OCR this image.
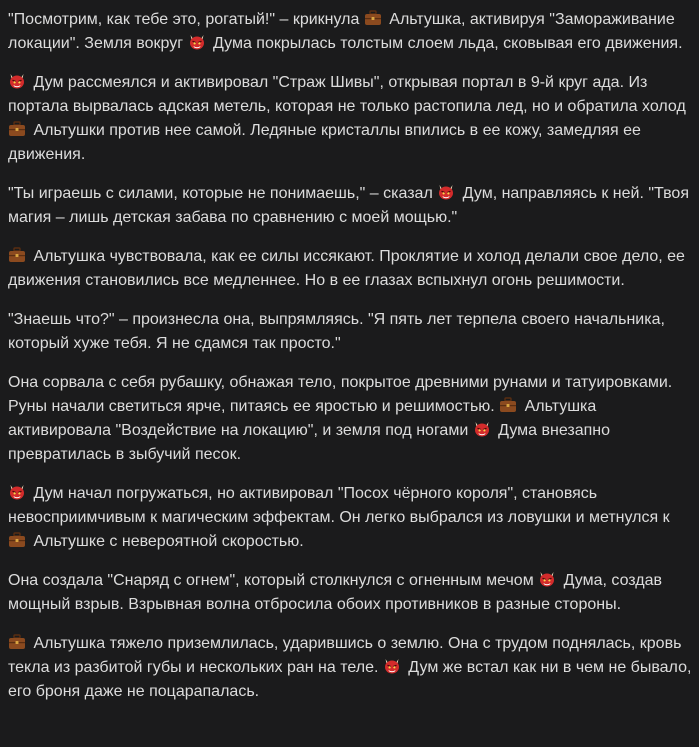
"Посмотрим, как тебе это, рогатый!" – крикнула
Альтушка, активируя "Замораживание локации". Земля вокруг
Дума покрылась толстым слоем льда, сковывая его движения.

Дум рассмеялся и активировал "Страж Шивы", открывая портал в 9-й круг ада. Из портала вырвалась адская метель, которая не только растопила лед, но и обратила холод
Альтушки против нее самой. Ледяные кристаллы впились в ее кожу, замедляя ее движения.

"Ты играешь с силами, которые не понимаешь," – сказал
Дум, направляясь к ней. "Твоя магия – лишь детская забава по сравнению с моей мощью."

Альтушка чувствовала, как ее силы иссякают. Проклятие и холод делали свое дело, ее движения становились все медленнее. Но в ее глазах вспыхнул огонь решимости.

"Знаешь что?" – произнесла она, выпрямляясь. "Я пять лет терпела своего начальника, который хуже тебя. Я не сдамся так просто."

Она сорвала с себя рубашку, обнажая тело, покрытое древними рунами и татуировками. Руны начали светиться ярче, питаясь ее яростью и решимостью.
Альтушка активировала "Воздействие на локацию", и земля под ногами
Дума внезапно превратилась в зыбучий песок.

Дум начал погружаться, но активировал "Посох чёрного короля", становясь невосприимчивым к магическим эффектам. Он легко выбрался из ловушки и метнулся к
Альтушке с невероятной скоростью.

Она создала "Снаряд с огнем", который столкнулся с огненным мечом
Дума, создав мощный взрыв. Взрывная волна отбросила обоих противников в разные стороны.

Альтушка тяжело приземлилась, ударившись о землю. Она с трудом поднялась, кровь текла из разбитой губы и нескольких ран на теле.
Дум же встал как ни в чем не бывало, его броня даже не поцарапалась.
